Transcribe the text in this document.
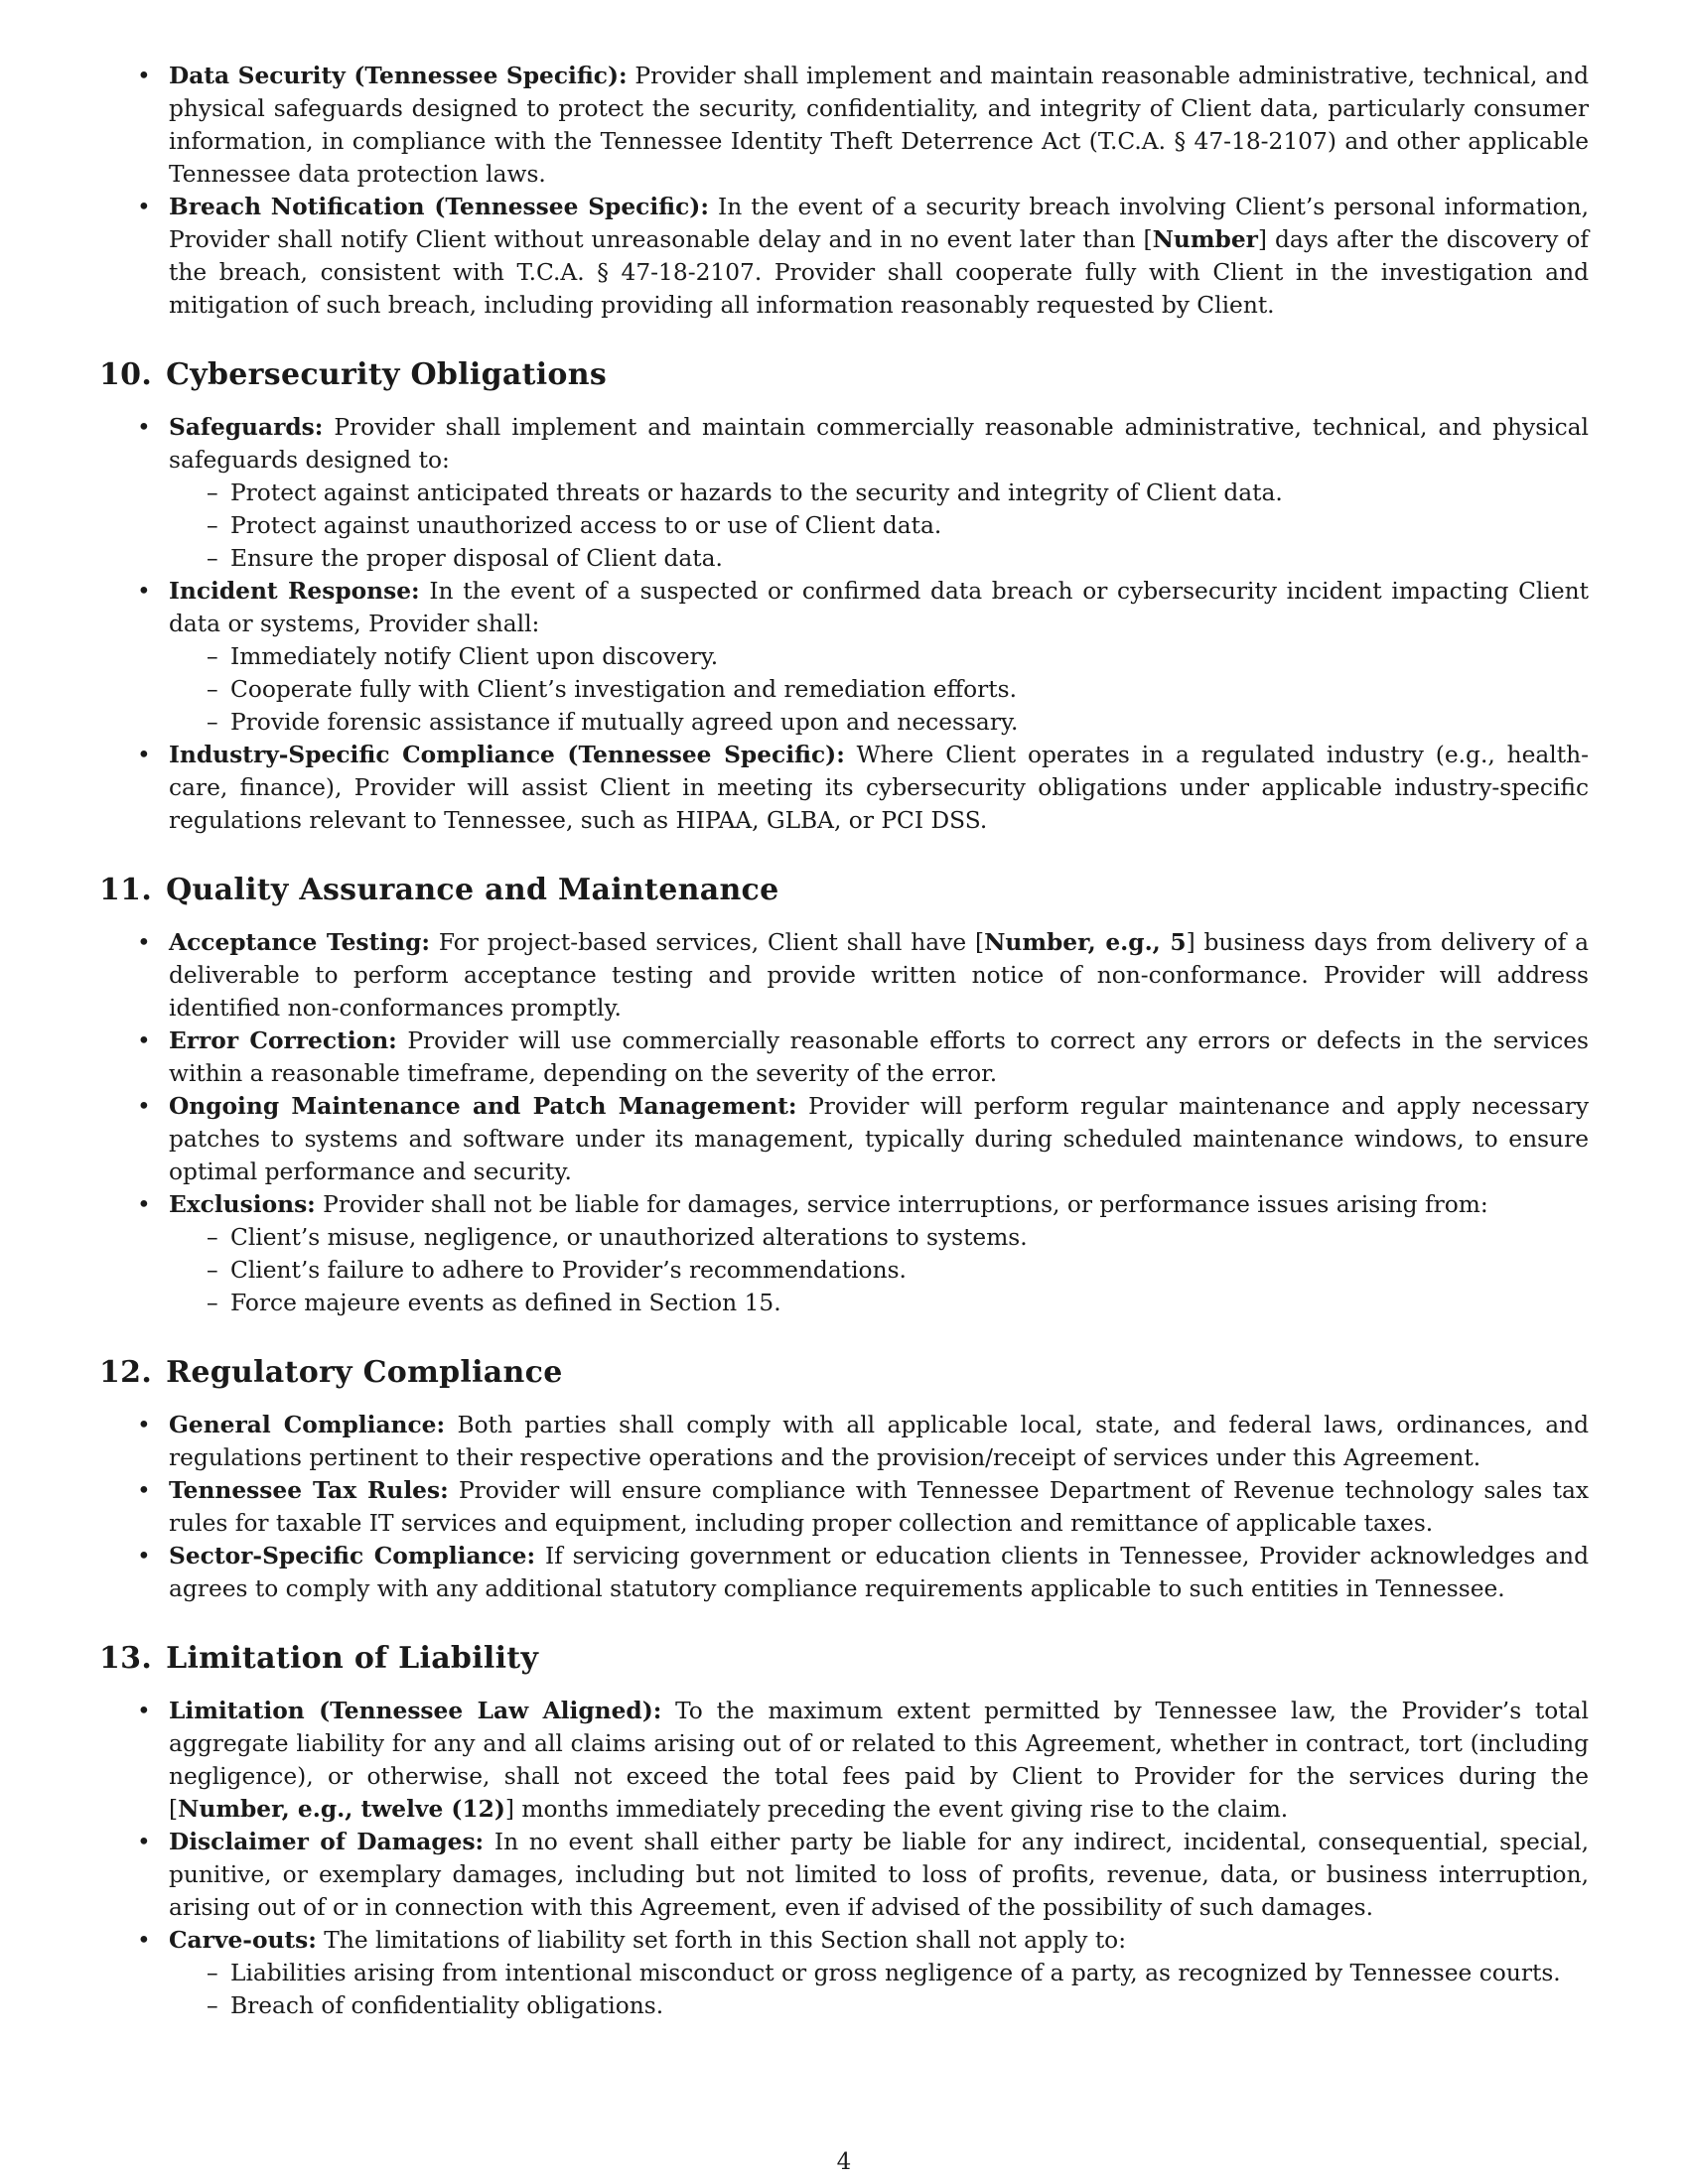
• Data Security (Tennessee Specific): Provider shall implement and maintain reasonable administrative, technical, and physical safeguards designed to protect the security, confidentiality, and integrity of Client data, particularly consumer information, in compliance with the Tennessee Identity Theft Deterrence Act (T.C.A. § 47-18-2107) and other applicable Tennessee data protection laws.
• Breach Notification (Tennessee Specific): In the event of a security breach involving Client’s personal information, Provider shall notify Client without unreasonable delay and in no event later than [Number] days after the discovery of the breach, consistent with T.C.A. § 47-18-2107. Provider shall cooperate fully with Client in the investigation and mitigation of such breach, including providing all information reasonably requested by Client.
10. Cybersecurity Obligations
• Safeguards: Provider shall implement and maintain commercially reasonable administrative, technical, and physical safeguards designed to:
– Protect against anticipated threats or hazards to the security and integrity of Client data.
– Protect against unauthorized access to or use of Client data.
– Ensure the proper disposal of Client data.
• Incident Response: In the event of a suspected or confirmed data breach or cybersecurity incident impacting Client data or systems, Provider shall:
– Immediately notify Client upon discovery.
– Cooperate fully with Client’s investigation and remediation efforts.
– Provide forensic assistance if mutually agreed upon and necessary.
• Industry-Specific Compliance (Tennessee Specific): Where Client operates in a regulated industry (e.g., health-care, finance), Provider will assist Client in meeting its cybersecurity obligations under applicable industry-specific regulations relevant to Tennessee, such as HIPAA, GLBA, or PCI DSS.
11. Quality Assurance and Maintenance
• Acceptance Testing: For project-based services, Client shall have [Number, e.g., 5] business days from delivery of a deliverable to perform acceptance testing and provide written notice of non-conformance. Provider will address identified non-conformances promptly.
• Error Correction: Provider will use commercially reasonable efforts to correct any errors or defects in the services within a reasonable timeframe, depending on the severity of the error.
• Ongoing Maintenance and Patch Management: Provider will perform regular maintenance and apply necessary patches to systems and software under its management, typically during scheduled maintenance windows, to ensure optimal performance and security.
• Exclusions: Provider shall not be liable for damages, service interruptions, or performance issues arising from:
– Client’s misuse, negligence, or unauthorized alterations to systems.
– Client’s failure to adhere to Provider’s recommendations.
– Force majeure events as defined in Section 15.
12. Regulatory Compliance
• General Compliance: Both parties shall comply with all applicable local, state, and federal laws, ordinances, and regulations pertinent to their respective operations and the provision/receipt of services under this Agreement.
• Tennessee Tax Rules: Provider will ensure compliance with Tennessee Department of Revenue technology sales tax rules for taxable IT services and equipment, including proper collection and remittance of applicable taxes.
• Sector-Specific Compliance: If servicing government or education clients in Tennessee, Provider acknowledges and agrees to comply with any additional statutory compliance requirements applicable to such entities in Tennessee.
13. Limitation of Liability
• Limitation (Tennessee Law Aligned): To the maximum extent permitted by Tennessee law, the Provider’s total aggregate liability for any and all claims arising out of or related to this Agreement, whether in contract, tort (including negligence), or otherwise, shall not exceed the total fees paid by Client to Provider for the services during the [Number, e.g., twelve (12)] months immediately preceding the event giving rise to the claim.
• Disclaimer of Damages: In no event shall either party be liable for any indirect, incidental, consequential, special, punitive, or exemplary damages, including but not limited to loss of profits, revenue, data, or business interruption, arising out of or in connection with this Agreement, even if advised of the possibility of such damages.
• Carve-outs: The limitations of liability set forth in this Section shall not apply to:
– Liabilities arising from intentional misconduct or gross negligence of a party, as recognized by Tennessee courts.
– Breach of confidentiality obligations.
4
